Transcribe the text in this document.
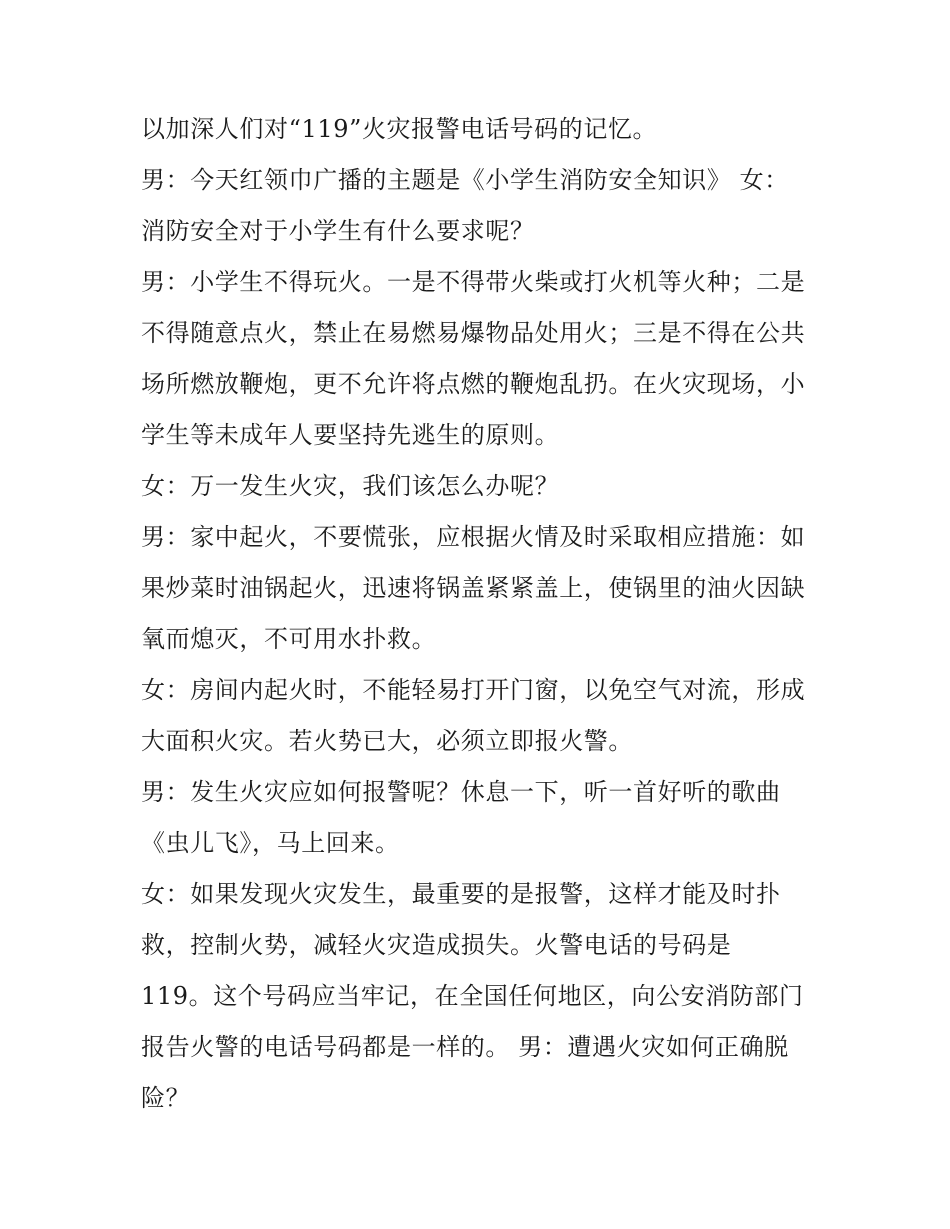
以加深人们对“119”火灾报警电话号码的记忆。
男：今天红领巾广播的主题是《小学生消防安全知识》 女：
消防安全对于小学生有什么要求呢？
男：小学生不得玩火。一是不得带火柴或打火机等火种；二是
不得随意点火，禁止在易燃易爆物品处用火；三是不得在公共
场所燃放鞭炮，更不允许将点燃的鞭炮乱扔。在火灾现场，小
学生等未成年人要坚持先逃生的原则。
女：万一发生火灾，我们该怎么办呢？
男：家中起火，不要慌张，应根据火情及时采取相应措施：如
果炒菜时油锅起火，迅速将锅盖紧紧盖上，使锅里的油火因缺
氧而熄灭，不可用水扑救。
女：房间内起火时，不能轻易打开门窗，以免空气对流，形成
大面积火灾。若火势已大，必须立即报火警。
男：发生火灾应如何报警呢？休息一下，听一首好听的歌曲
《虫儿飞》，马上回来。
女：如果发现火灾发生，最重要的是报警，这样才能及时扑
救，控制火势，减轻火灾造成损失。火警电话的号码是
119。这个号码应当牢记，在全国任何地区，向公安消防部门
报告火警的电话号码都是一样的。 男：遭遇火灾如何正确脱
险？
